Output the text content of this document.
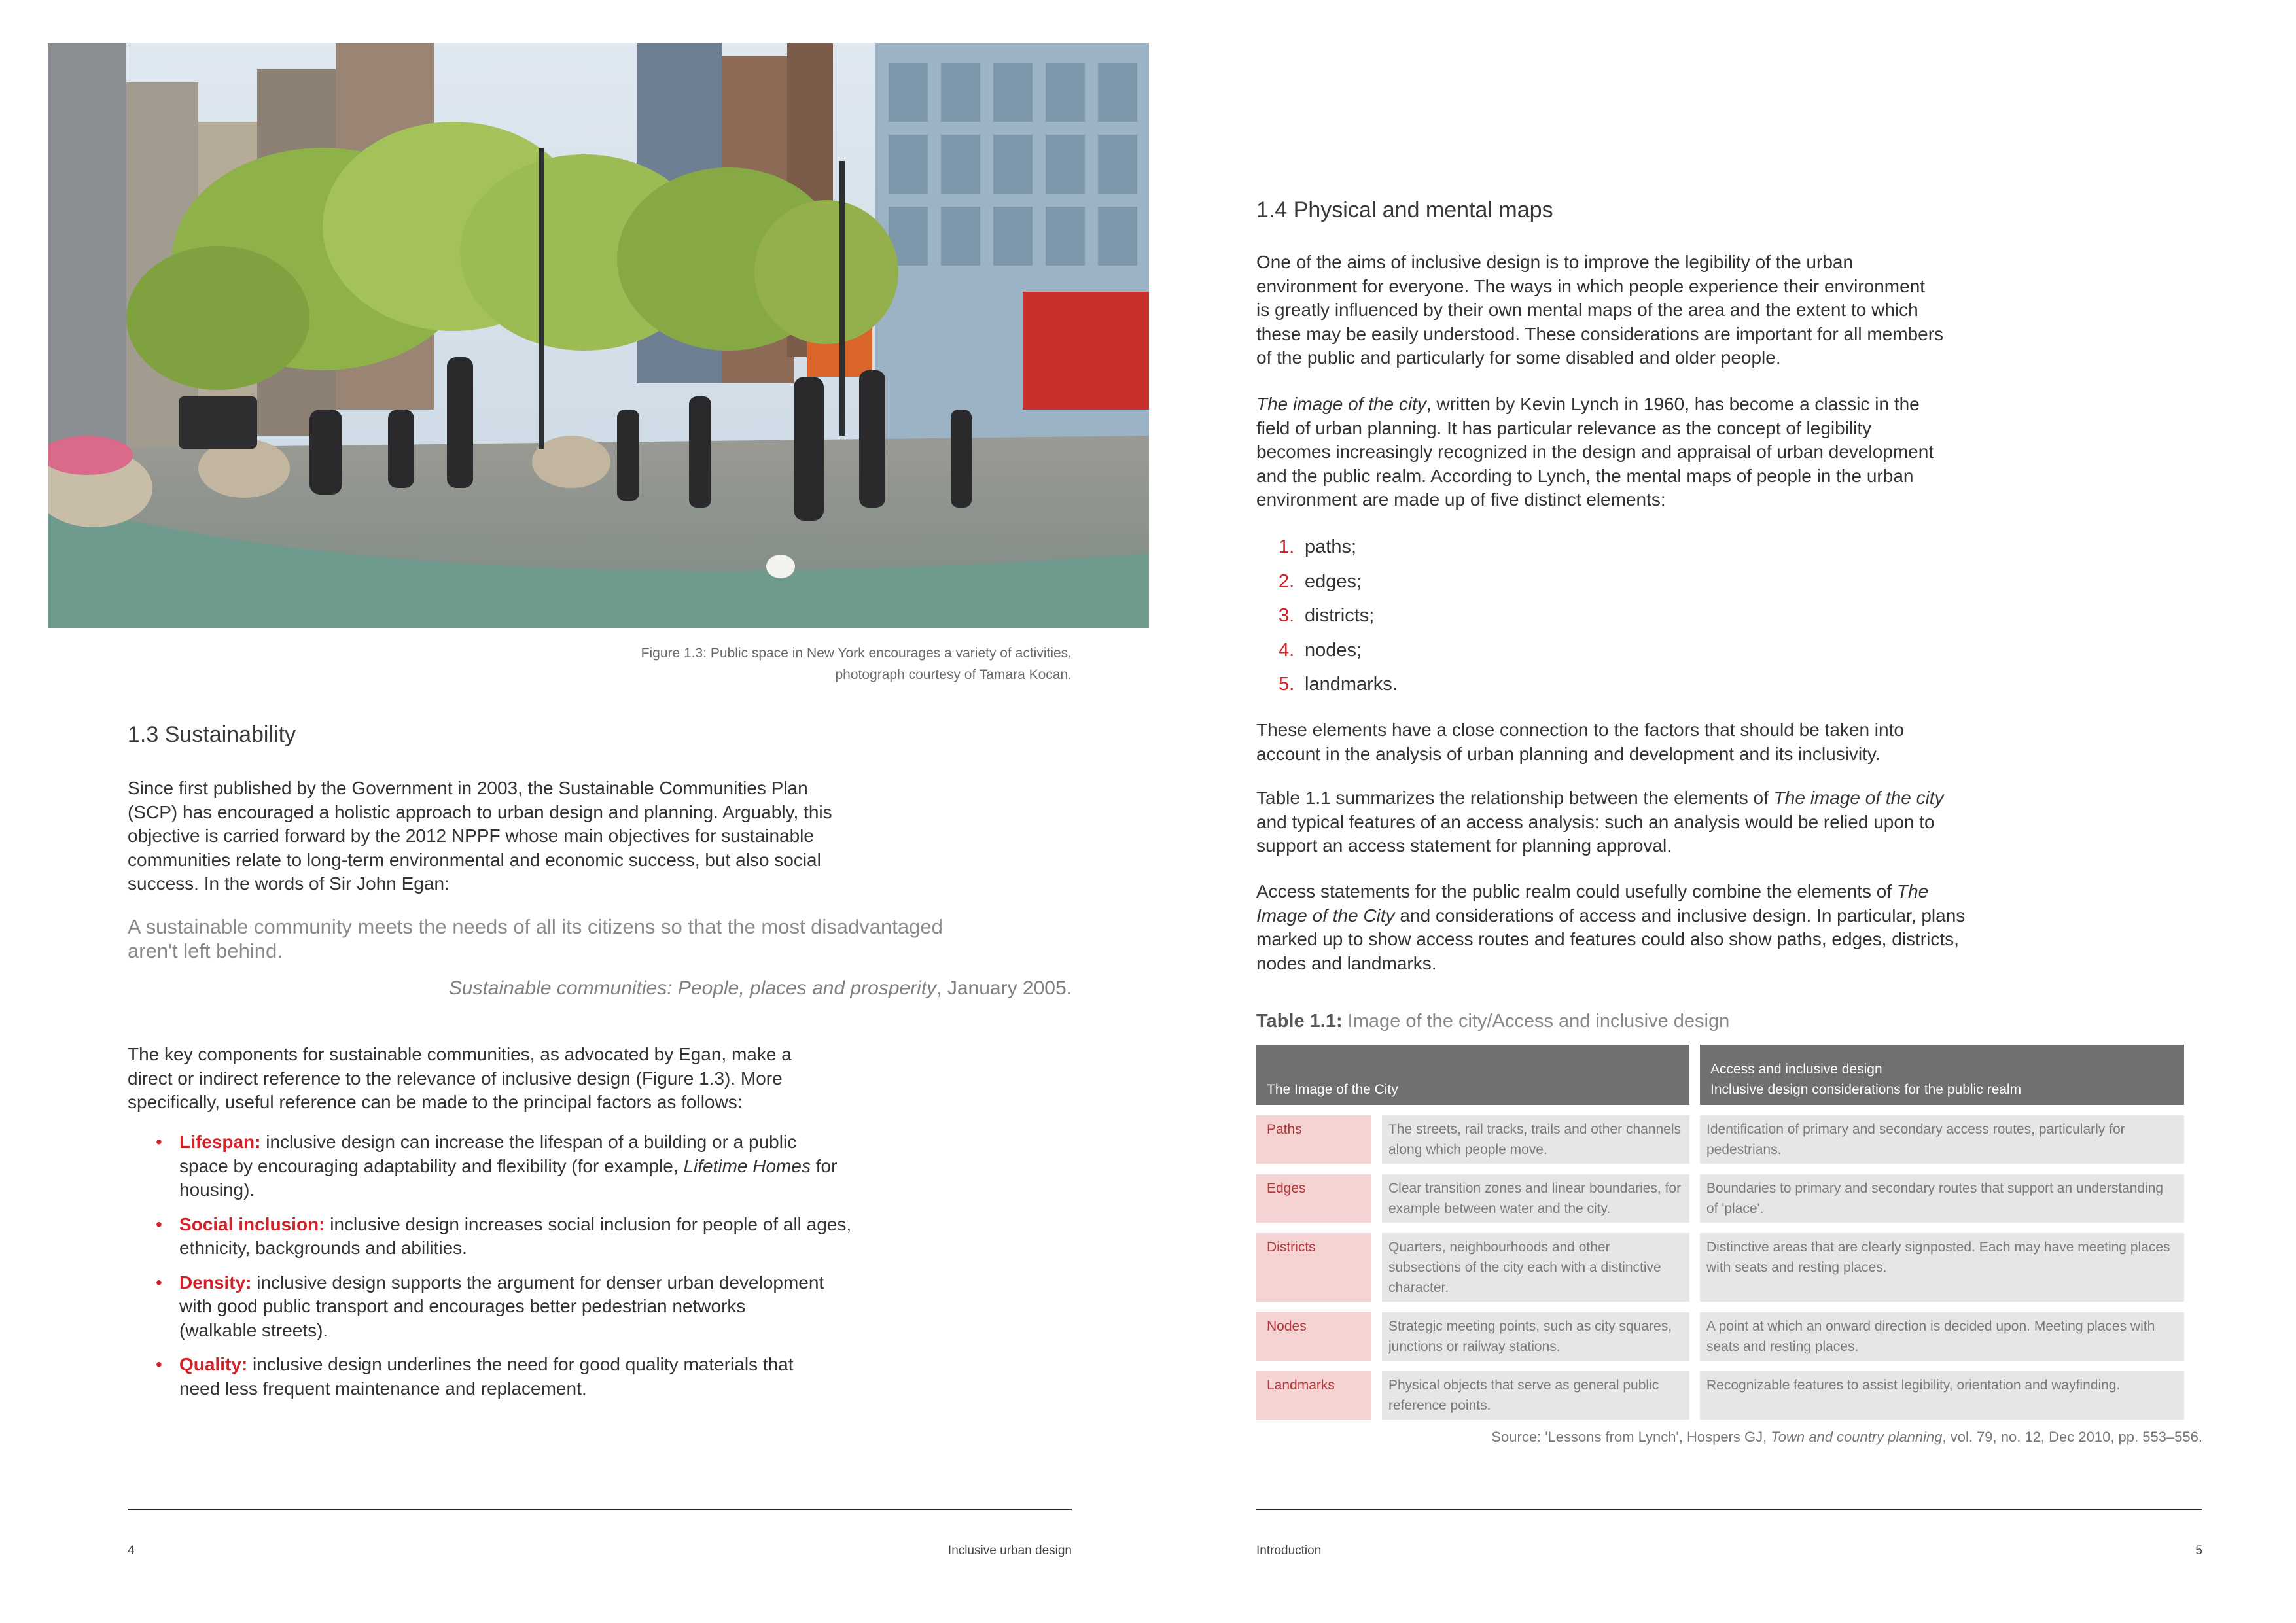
Figure 1.3: Public space in New York encourages a variety of activities,
photograph courtesy of Tamara Kocan.
1.3 Sustainability
Since first published by the Government in 2003, the Sustainable Communities Plan
(SCP) has encouraged a holistic approach to urban design and planning. Arguably, this
objective is carried forward by the 2012 NPPF whose main objectives for sustainable
communities relate to long-term environmental and economic success, but also social
success. In the words of Sir John Egan:
A sustainable community meets the needs of all its citizens so that the most disadvantaged
aren't left behind.
Sustainable communities: People, places and prosperity, January 2005.
The key components for sustainable communities, as advocated by Egan, make a
direct or indirect reference to the relevance of inclusive design (Figure 1.3). More
specifically, useful reference can be made to the principal factors as follows:
• Lifespan: inclusive design can increase the lifespan of a building or a public
space by encouraging adaptability and flexibility (for example, Lifetime Homes for
housing).
• Social inclusion: inclusive design increases social inclusion for people of all ages,
ethnicity, backgrounds and abilities.
• Density: inclusive design supports the argument for denser urban development
with good public transport and encourages better pedestrian networks
(walkable streets).
• Quality: inclusive design underlines the need for good quality materials that
need less frequent maintenance and replacement.
4	Inclusive urban design
1.4 Physical and mental maps
One of the aims of inclusive design is to improve the legibility of the urban
environment for everyone. The ways in which people experience their environment
is greatly influenced by their own mental maps of the area and the extent to which
these may be easily understood. These considerations are important for all members
of the public and particularly for some disabled and older people.
The image of the city, written by Kevin Lynch in 1960, has become a classic in the
field of urban planning. It has particular relevance as the concept of legibility
becomes increasingly recognized in the design and appraisal of urban development
and the public realm. According to Lynch, the mental maps of people in the urban
environment are made up of five distinct elements:
1. paths;
2. edges;
3. districts;
4. nodes;
5. landmarks.
These elements have a close connection to the factors that should be taken into
account in the analysis of urban planning and development and its inclusivity.
Table 1.1 summarizes the relationship between the elements of The image of the city
and typical features of an access analysis: such an analysis would be relied upon to
support an access statement for planning approval.
Access statements for the public realm could usefully combine the elements of The
Image of the City and considerations of access and inclusive design. In particular, plans
marked up to show access routes and features could also show paths, edges, districts,
nodes and landmarks.
Table 1.1: Image of the city/Access and inclusive design
The Image of the City		Access and inclusive design
Inclusive design considerations for the public realm

Paths	The streets, rail tracks, trails and other channels along which people move.	Identification of primary and secondary access routes, particularly for pedestrians.
Edges	Clear transition zones and linear boundaries, for example between water and the city.	Boundaries to primary and secondary routes that support an understanding of 'place'.
Districts	Quarters, neighbourhoods and other subsections of the city each with a distinctive character.	Distinctive areas that are clearly signposted. Each may have meeting places with seats and resting places.
Nodes	Strategic meeting points, such as city squares, junctions or railway stations.	A point at which an onward direction is decided upon. Meeting places with seats and resting places.
Landmarks	Physical objects that serve as general public reference points.	Recognizable features to assist legibility, orientation and wayfinding.
Source: 'Lessons from Lynch', Hospers GJ, Town and country planning, vol. 79, no. 12, Dec 2010, pp. 553–556.
Introduction	5
